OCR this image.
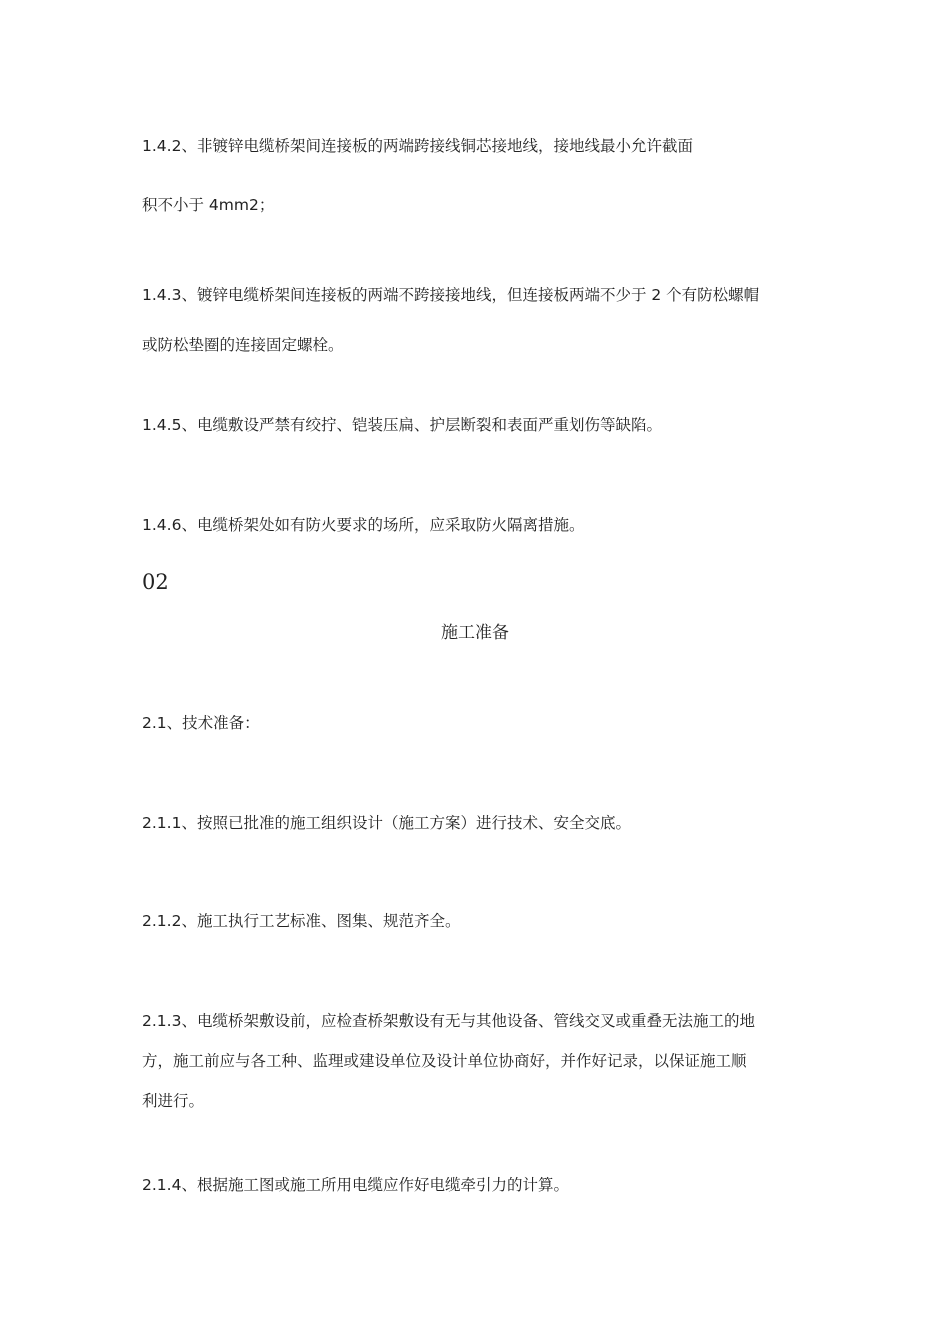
1.4.2、非镀锌电缆桥架间连接板的两端跨接线铜芯接地线，接地线最小允许截面
积不小于 4mm2；
1.4.3、镀锌电缆桥架间连接板的两端不跨接接地线，但连接板两端不少于 2 个有防松螺帽
或防松垫圈的连接固定螺栓。
1.4.5、电缆敷设严禁有绞拧、铠装压扁、护层断裂和表面严重划伤等缺陷。
1.4.6、电缆桥架处如有防火要求的场所，应采取防火隔离措施。
02
施工准备
2.1、技术准备：
2.1.1、按照已批准的施工组织设计（施工方案）进行技术、安全交底。
2.1.2、施工执行工艺标准、图集、规范齐全。
2.1.3、电缆桥架敷设前，应检查桥架敷设有无与其他设备、管线交叉或重叠无法施工的地
方，施工前应与各工种、监理或建设单位及设计单位协商好，并作好记录，以保证施工顺
利进行。
2.1.4、根据施工图或施工所用电缆应作好电缆牵引力的计算。
